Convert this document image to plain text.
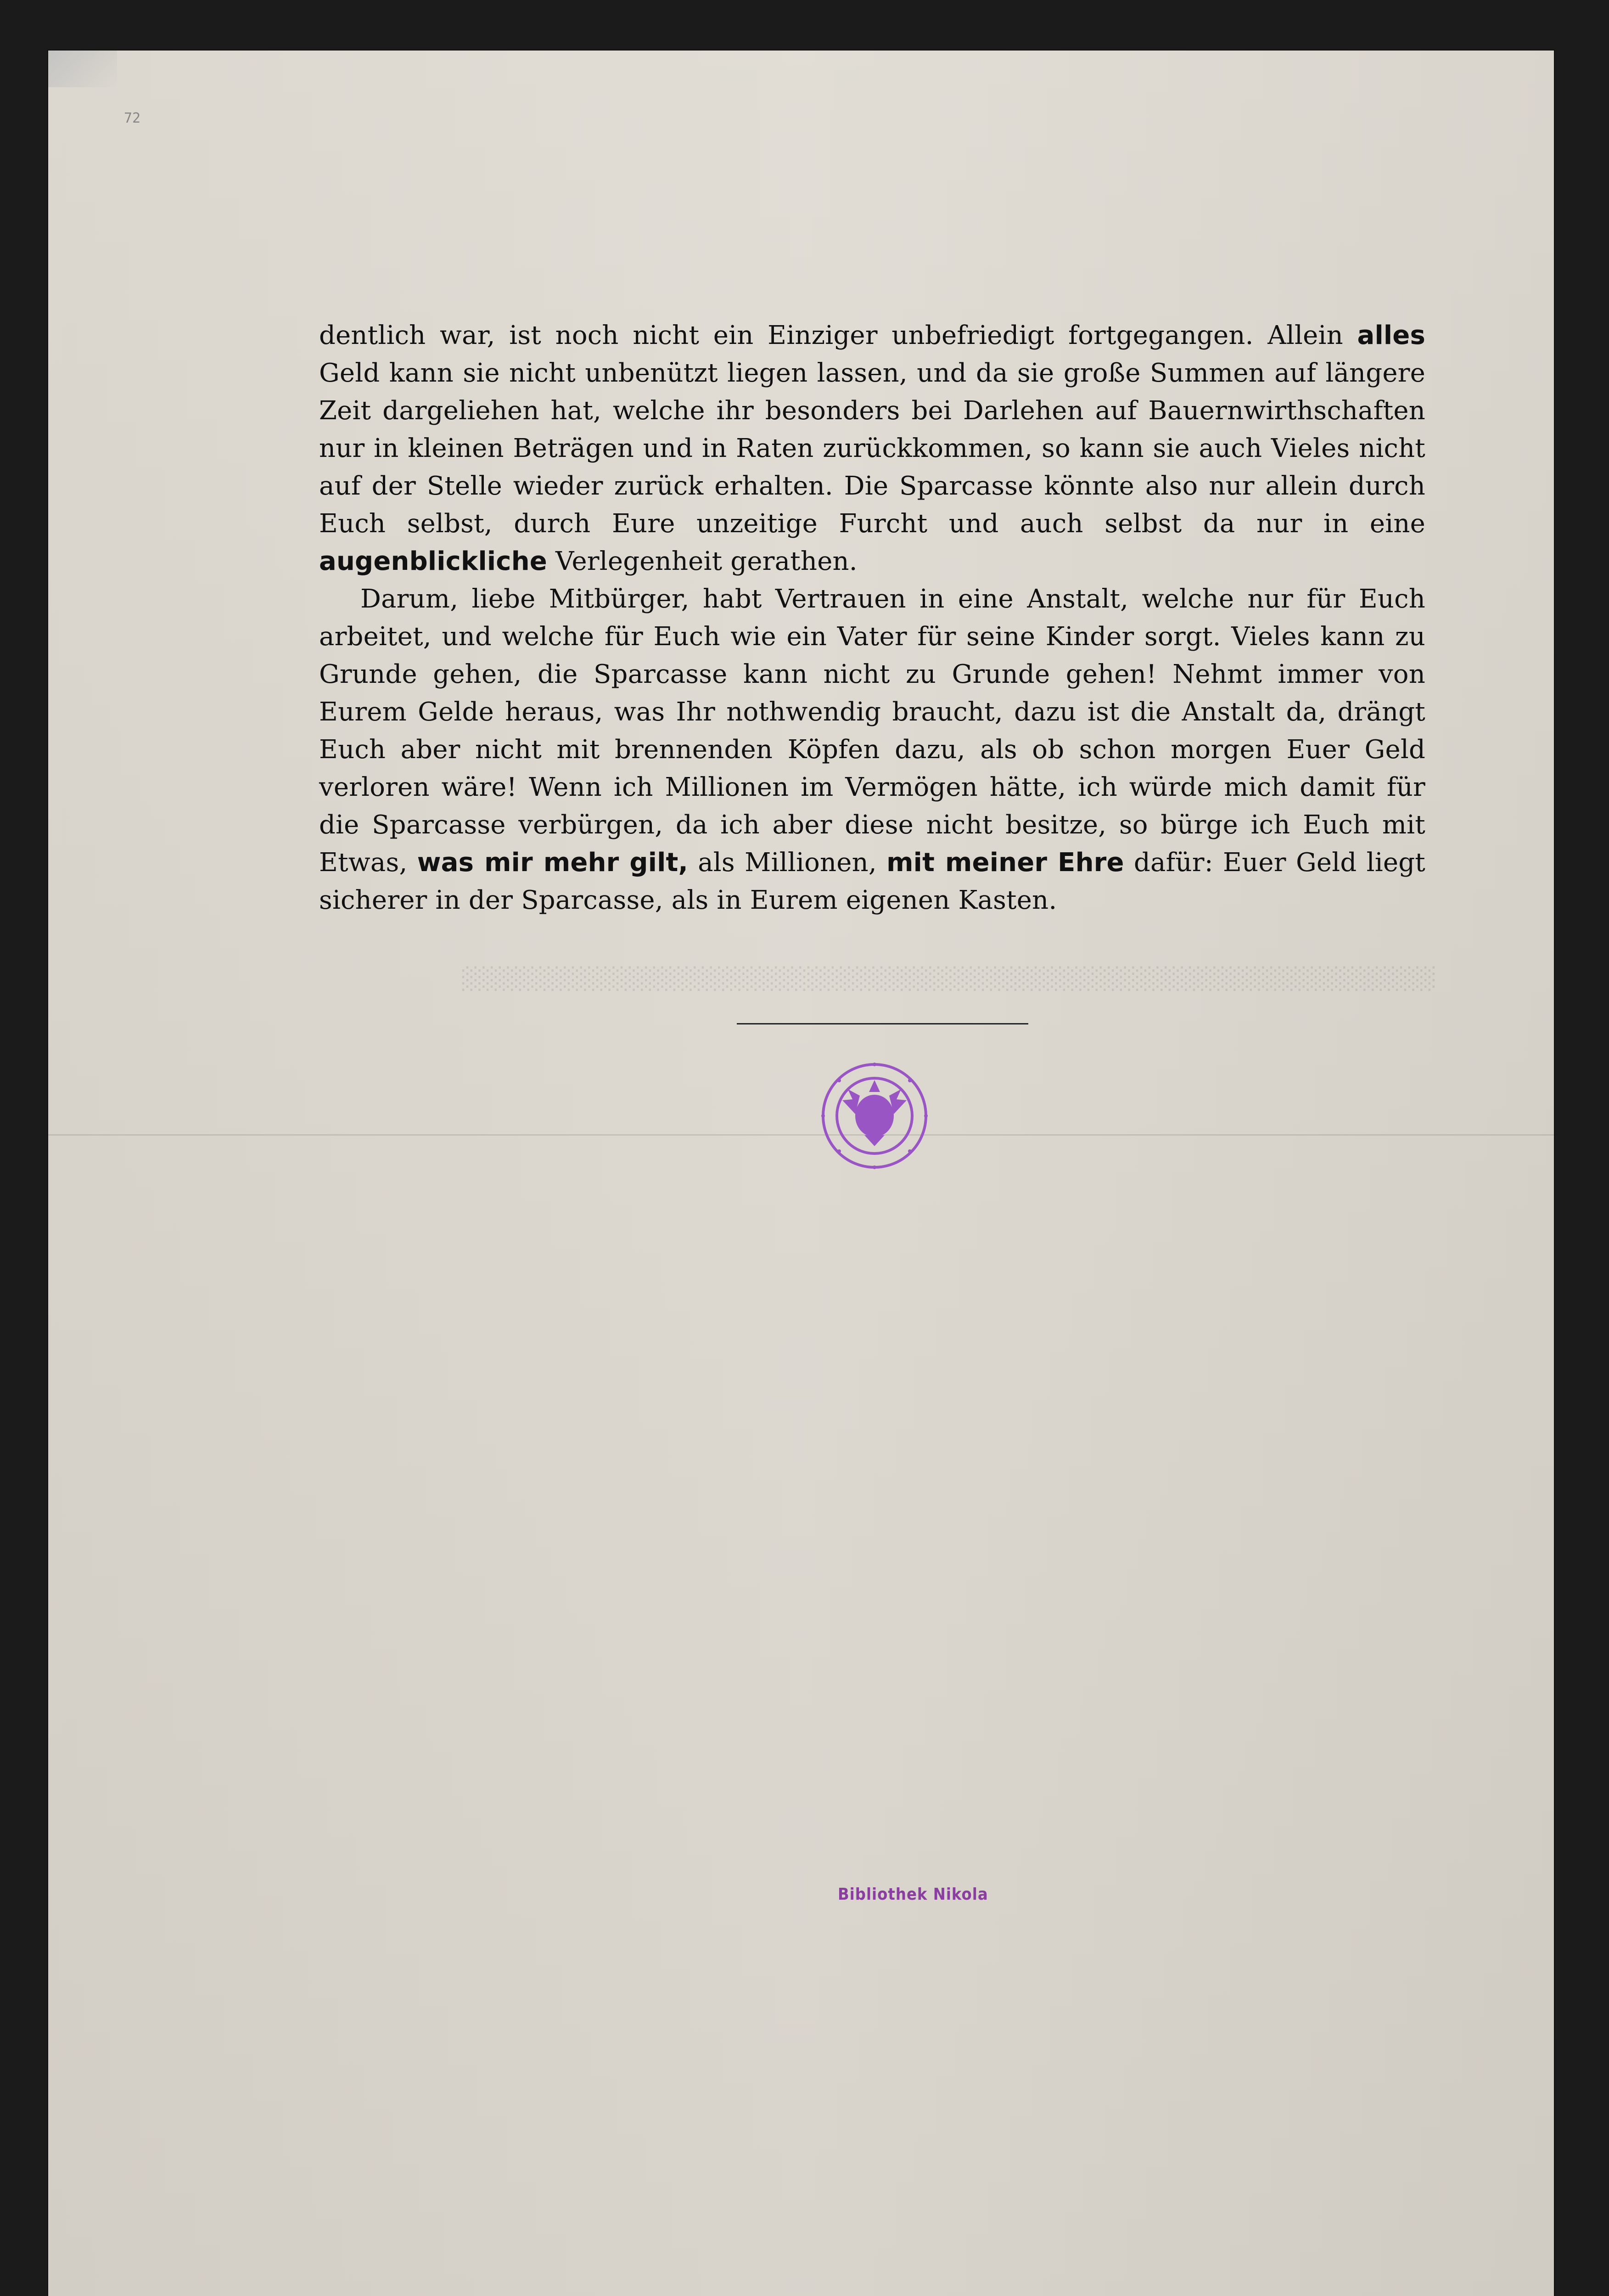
72
░░░░░░░░░░░░░░░░░░░░░░░░░░░░░░░░░░░░░░░░░░░░░░░░░░░░░░░░░░░░

dentlich war, ist noch nicht ein Einziger unbefriedigt fortgegangen. Allein alles Geld kann sie nicht unbenützt liegen lassen, und da sie große Summen auf längere Zeit dargeliehen hat, welche ihr besonders bei Darlehen auf Bauernwirthschaften nur in kleinen Beträgen und in Raten zurückkommen, so kann sie auch Vieles nicht auf der Stelle wieder zurück erhalten. Die Sparcasse könnte also nur allein durch Euch selbst, durch Eure unzeitige Furcht und auch selbst da nur in eine augenblickliche Verlegenheit gerathen.

Darum, liebe Mitbürger, habt Vertrauen in eine Anstalt, welche nur für Euch arbeitet, und welche für Euch wie ein Vater für seine Kinder sorgt. Vieles kann zu Grunde gehen, die Sparcasse kann nicht zu Grunde gehen! Nehmt immer von Eurem Gelde heraus, was Ihr nothwendig braucht, dazu ist die Anstalt da, drängt Euch aber nicht mit brennenden Köpfen dazu, als ob schon morgen Euer Geld verloren wäre! Wenn ich Millionen im Vermögen hätte, ich würde mich damit für die Sparcasse verbürgen, da ich aber diese nicht besitze, so bürge ich Euch mit Etwas, was mir mehr gilt, als Millionen, mit meiner Ehre dafür: Euer Geld liegt sicherer in der Sparcasse, als in Eurem eigenen Kasten.

Bibliothek Nikola
